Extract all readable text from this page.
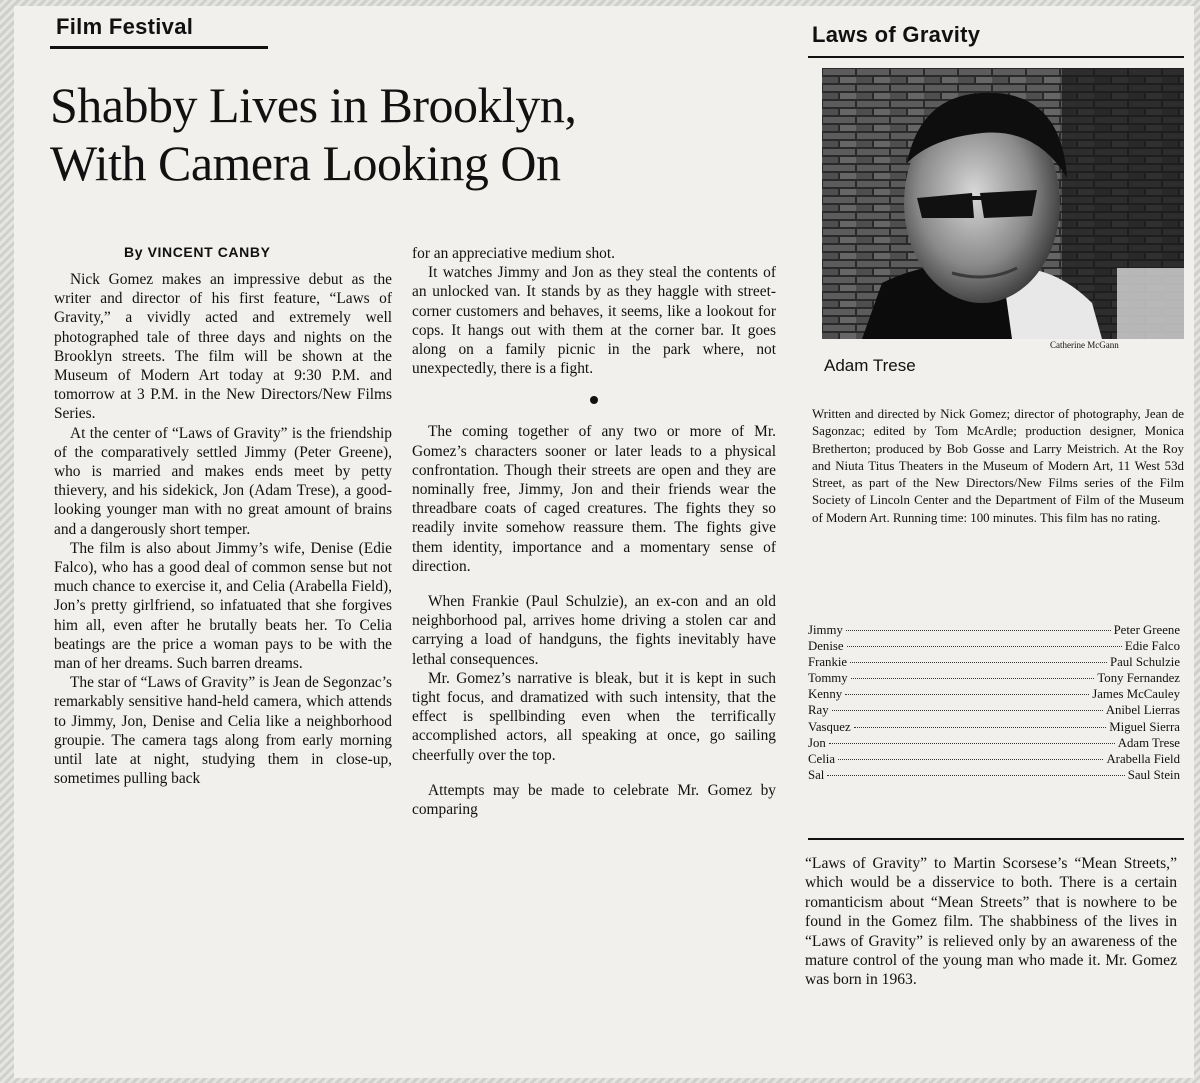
Film Festival	Laws of Gravity
Shabby Lives in Brooklyn,
With Camera Looking On
By VINCENT CANBY

Nick Gomez makes an impressive debut as the writer and director of his first feature, “Laws of Gravity,” a vividly acted and extremely well photographed tale of three days and nights on the Brooklyn streets. The film will be shown at the Museum of Modern Art today at 9:30 P.M. and tomorrow at 3 P.M. in the New Directors/New Films Series.

At the center of “Laws of Gravity” is the friendship of the comparatively settled Jimmy (Peter Greene), who is married and makes ends meet by petty thievery, and his sidekick, Jon (Adam Trese), a good-looking younger man with no great amount of brains and a dangerously short temper.

The film is also about Jimmy’s wife, Denise (Edie Falco), who has a good deal of common sense but not much chance to exercise it, and Celia (Arabella Field), Jon’s pretty girlfriend, so infatuated that she forgives him all, even after he brutally beats her. To Celia beatings are the price a woman pays to be with the man of her dreams. Such barren dreams.

The star of “Laws of Gravity” is Jean de Segonzac’s remarkably sensitive hand-held camera, which attends to Jimmy, Jon, Denise and Celia like a neighborhood groupie. The camera tags along from early morning until late at night, studying them in close-up, sometimes pulling back

for an appreciative medium shot.

It watches Jimmy and Jon as they steal the contents of an unlocked van. It stands by as they haggle with street-corner customers and behaves, it seems, like a lookout for cops. It hangs out with them at the corner bar. It goes along on a family picnic in the park where, not unexpectedly, there is a fight.

The coming together of any two or more of Mr. Gomez’s characters sooner or later leads to a physical confrontation. Though their streets are open and they are nominally free, Jimmy, Jon and their friends wear the threadbare coats of caged creatures. The fights they so readily invite somehow reassure them. The fights give them identity, importance and a momentary sense of direction.

When Frankie (Paul Schulzie), an ex-con and an old neighborhood pal, arrives home driving a stolen car and carrying a load of handguns, the fights inevitably have lethal consequences.

Mr. Gomez’s narrative is bleak, but it is kept in such tight focus, and dramatized with such intensity, that the effect is spellbinding even when the terrifically accomplished actors, all speaking at once, go sailing cheerfully over the top.

Attempts may be made to celebrate Mr. Gomez by comparing

Catherine McGann
Adam Trese
Written and directed by Nick Gomez; director of photography, Jean de Sagonzac; edited by Tom McArdle; production designer, Monica Bretherton; produced by Bob Gosse and Larry Meistrich. At the Roy and Niuta Titus Theaters in the Museum of Modern Art, 11 West 53d Street, as part of the New Directors/New Films series of the Film Society of Lincoln Center and the Department of Film of the Museum of Modern Art. Running time: 100 minutes. This film has no rating.
Jimmy	Peter Greene
Denise	Edie Falco
Frankie	Paul Schulzie
Tommy	Tony Fernandez
Kenny	James McCauley
Ray	Anibel Lierras
Vasquez	Miguel Sierra
Jon	Adam Trese
Celia	Arabella Field
Sal	Saul Stein

“Laws of Gravity” to Martin Scorsese’s “Mean Streets,” which would be a disservice to both. There is a certain romanticism about “Mean Streets” that is nowhere to be found in the Gomez film. The shabbiness of the lives in “Laws of Gravity” is relieved only by an awareness of the mature control of the young man who made it. Mr. Gomez was born in 1963.
